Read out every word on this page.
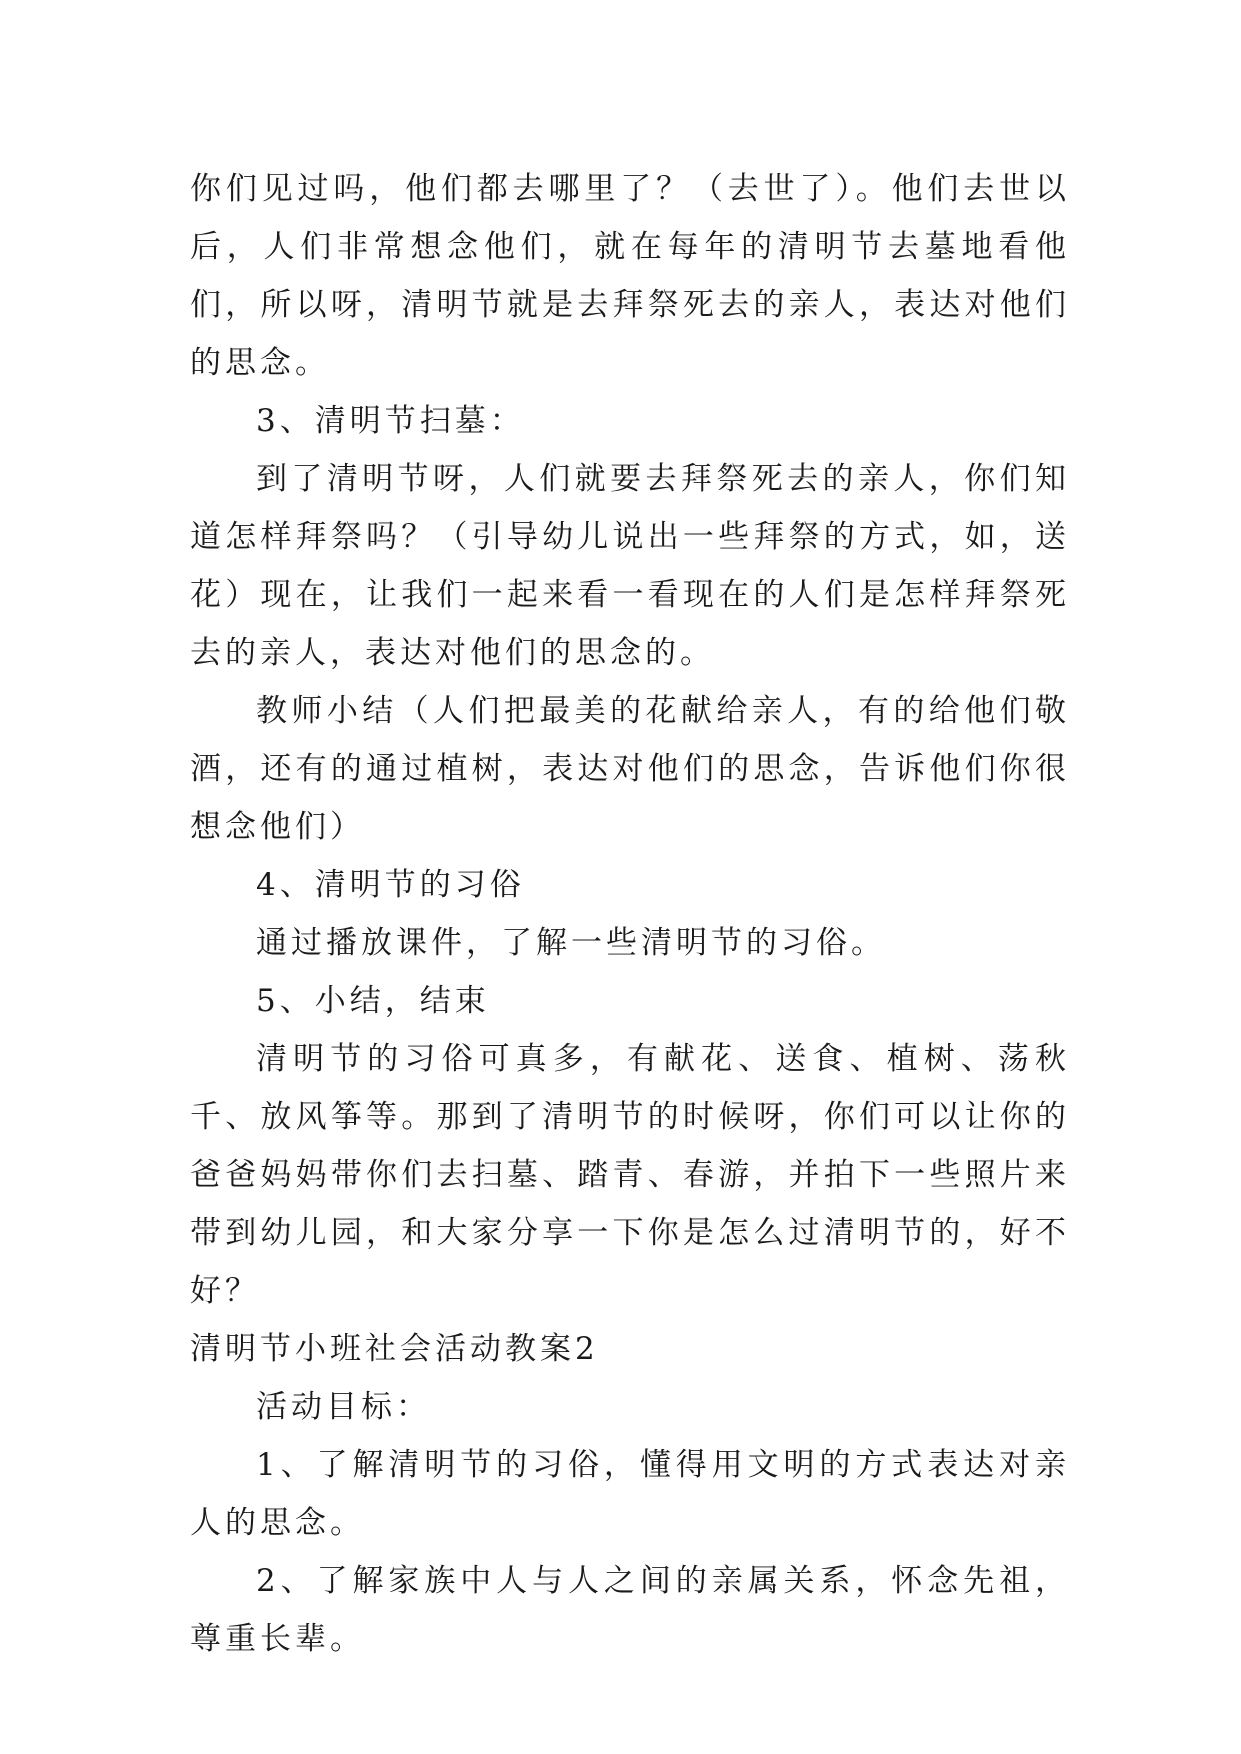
你们见过吗，他们都去哪里了？（去世了）。他们去世以后，人们非常想念他们，就在每年的清明节去墓地看他们，所以呀，清明节就是去拜祭死去的亲人，表达对他们的思念。

3、清明节扫墓：

到了清明节呀，人们就要去拜祭死去的亲人，你们知道怎样拜祭吗？（引导幼儿说出一些拜祭的方式，如，送花）现在，让我们一起来看一看现在的人们是怎样拜祭死去的亲人，表达对他们的思念的。

教师小结（人们把最美的花献给亲人，有的给他们敬酒，还有的通过植树，表达对他们的思念，告诉他们你很想念他们）

4、清明节的习俗

通过播放课件，了解一些清明节的习俗。

5、小结，结束

清明节的习俗可真多，有献花、送食、植树、荡秋千、放风筝等。那到了清明节的时候呀，你们可以让你的爸爸妈妈带你们去扫墓、踏青、春游，并拍下一些照片来带到幼儿园，和大家分享一下你是怎么过清明节的，好不好？

清明节小班社会活动教案2

活动目标：

1、了解清明节的习俗，懂得用文明的方式表达对亲人的思念。

2、了解家族中人与人之间的亲属关系，怀念先祖，尊重长辈。
